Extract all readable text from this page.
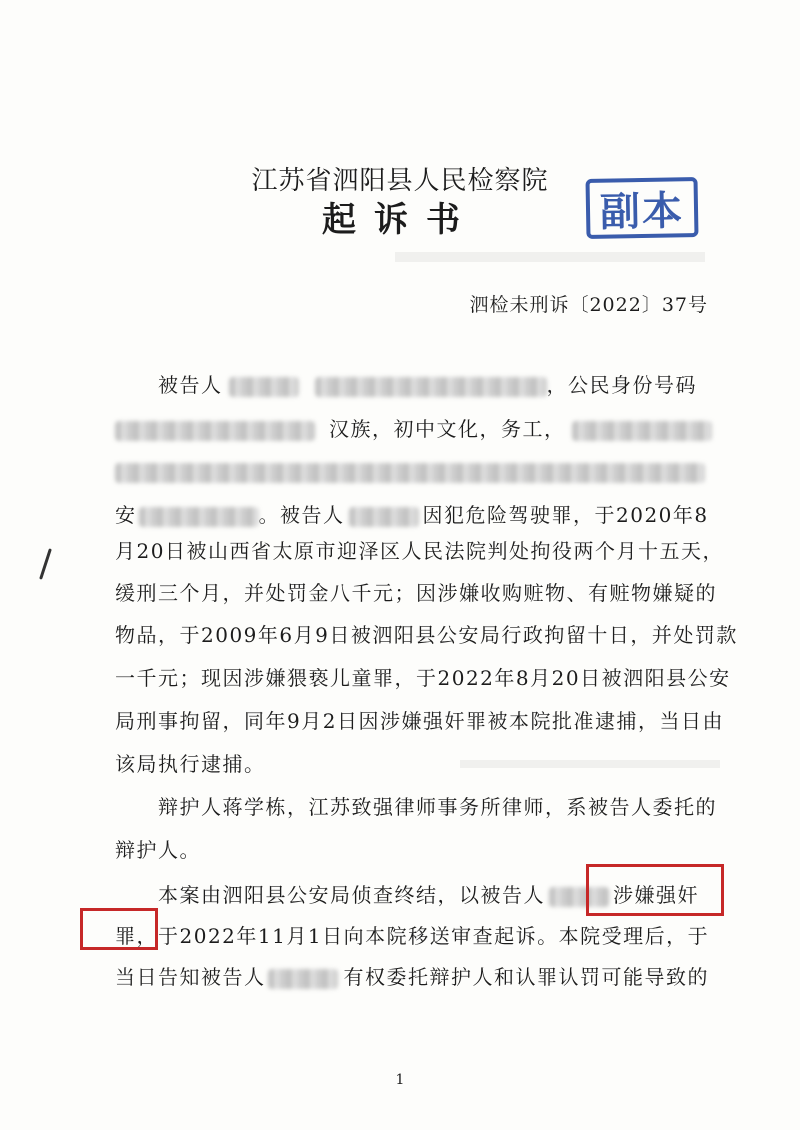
江苏省泗阳县人民检察院
起诉书	副本
泗检未刑诉〔2022〕37号
被告人	，公民身份号码
汉族，初中文化，务工，
安	。被告人	因犯危险驾驶罪，于2020年8
月20日被山西省太原市迎泽区人民法院判处拘役两个月十五天，
缓刑三个月，并处罚金八千元；因涉嫌收购赃物、有赃物嫌疑的
物品，于2009年6月9日被泗阳县公安局行政拘留十日，并处罚款
一千元；现因涉嫌猥亵儿童罪，于2022年8月20日被泗阳县公安
局刑事拘留，同年9月2日因涉嫌强奸罪被本院批准逮捕，当日由
该局执行逮捕。
辩护人蒋学栋，江苏致强律师事务所律师，系被告人委托的
辩护人。
本案由泗阳县公安局侦查终结，以被告人	涉嫌强奸
罪，于2022年11月1日向本院移送审查起诉。本院受理后，于
当日告知被告人	有权委托辩护人和认罪认罚可能导致的
1
